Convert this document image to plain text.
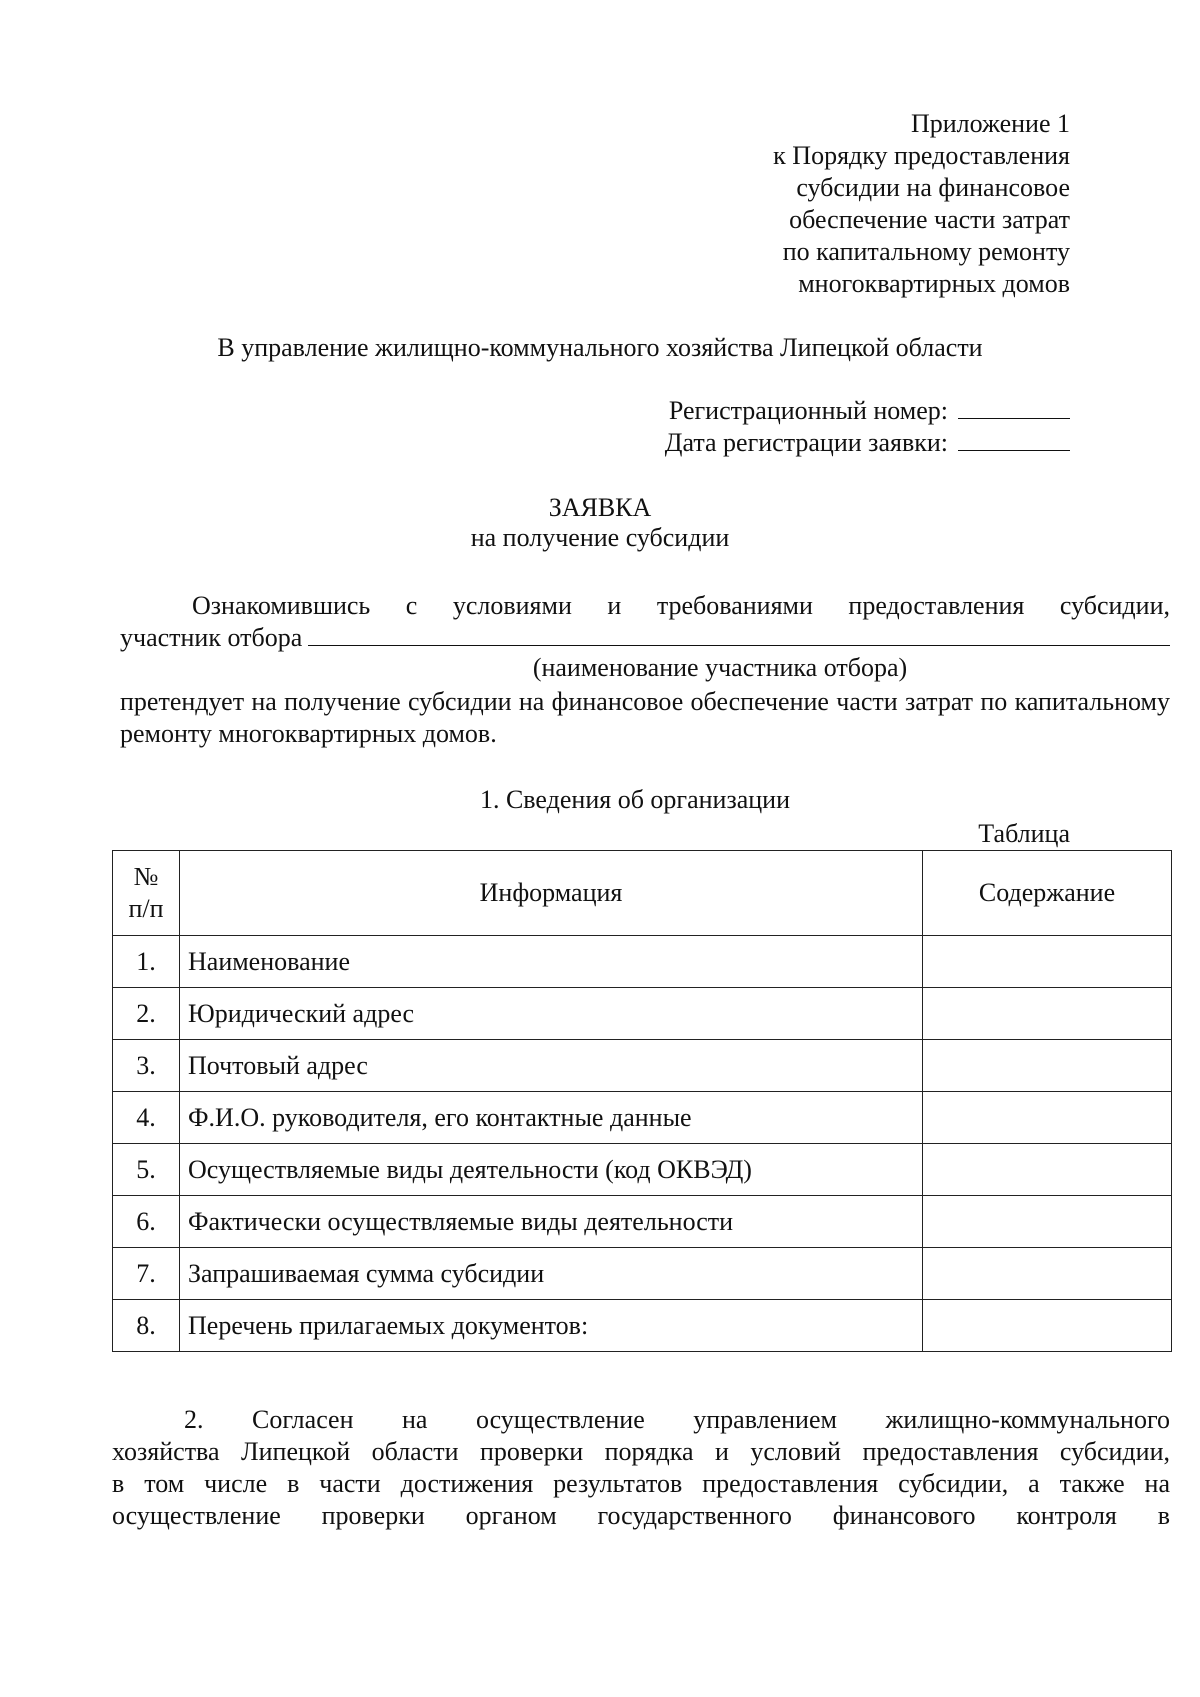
Приложение 1
к Порядку предоставления
субсидии на финансовое
обеспечение части затрат
по капитальному ремонту
многоквартирных домов
В управление жилищно-коммунального хозяйства Липецкой области
Регистрационный номер:
Дата регистрации заявки:
ЗАЯВКА
на получение субсидии
Ознакомившись с условиями и требованиями предоставления субсидии,
участник отбора
(наименование участника отбора)
претендует на получение субсидии на финансовое обеспечение части затрат по капитальному ремонту многоквартирных домов.
1. Сведения об организации
Таблица
№ п/п	Информация	Содержание
1.	Наименование	
2.	Юридический адрес	
3.	Почтовый адрес	
4.	Ф.И.О. руководителя, его контактные данные	
5.	Осуществляемые виды деятельности (код ОКВЭД)	
6.	Фактически осуществляемые виды деятельности	
7.	Запрашиваемая сумма субсидии	
8.	Перечень прилагаемых документов:	
2. Согласен на осуществление управлением жилищно-коммунального
хозяйства Липецкой области проверки порядка и условий предоставления субсидии,
в том числе в части достижения результатов предоставления субсидии, а также на
осуществление проверки органом государственного финансового контроля в
